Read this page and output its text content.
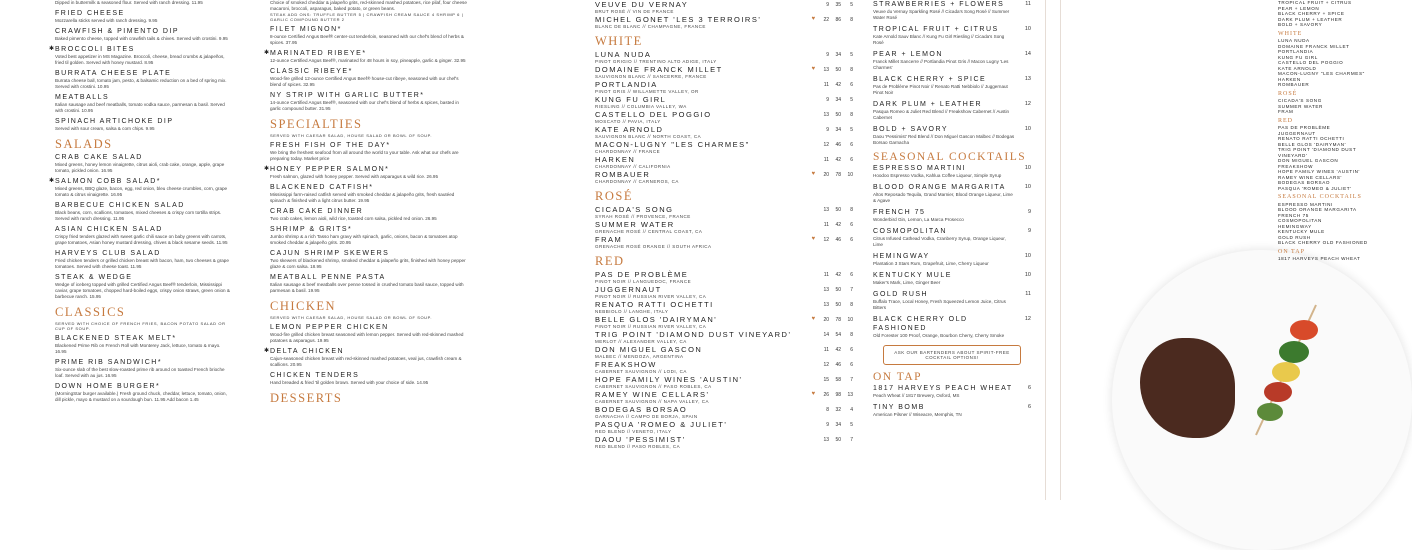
Dipped in buttermilk & seasoned flour. Served with ranch dressing. 11.95
FRIED CHEESE
Mozzarella sticks served with ranch dressing. 9.95
CRAWFISH & PIMENTO DIP
Baked pimento cheese, topped with crawfish tails & chives. Served with crostini. 9.95
✱ BROCCOLI BITES
Voted best appetizer in MS Magazine. Broccoli, cheese, bread crumbs & jalapeños, fried til golden. Served with honey mustard. 8.95
BURRATA CHEESE PLATE
Burrata cheese ball, tomato jam, pesto, & balsamic reduction on a bed of spring mix. Served with crostini. 10.95
MEATBALLS
Italian sausage and beef meatballs, tomato vodka sauce, parmesan & basil. Served with crostini. 10.95
SPINACH ARTICHOKE DIP
Served with sour cream, salsa & corn chips. 9.95
SALADS
CRAB CAKE SALAD
Mixed greens, honey lemon vinaigrette, citrus aioli, crab cake, orange, apple, grape tomato, pickled onion. 16.95
✱ SALMON COBB SALAD*
Mixed greens, BBQ glaze, bacon, egg, red onion, bleu cheese crumbles, corn, grape tomato & citrus vinaigrette. 16.95
BARBECUE CHICKEN SALAD
Black beans, corn, scallions, tomatoes, mixed cheeses & crispy corn tortilla strips. Served with ranch dressing. 11.95
ASIAN CHICKEN SALAD
Crispy fried tenders glazed with sweet garlic chili sauce on baby greens with carrots, grape tomatoes, Asian honey mustard dressing, chives & black sesame seeds. 11.95
HARVEYS CLUB SALAD
Fried chicken tenders or grilled chicken breast with bacon, ham, two cheeses & grape tomatoes. Served with cheese toast. 11.95
STEAK & WEDGE
Wedge of iceberg topped with grilled Certified Angus Beef® tenderloin, Mississippi caviar, grape tomatoes, chopped hard-boiled eggs, crispy onion straws, green onion & barbecue ranch. 15.95
CLASSICS
SERVED WITH CHOICE OF FRENCH FRIES, BACON POTATO SALAD OR CUP OF SOUP.
BLACKENED STEAK MELT*
Blackened Prime Rib on French Roll with Monterey Jack, lettuce, tomato & mayo. 16.95
PRIME RIB SANDWICH*
Six-ounce slab of the best slow-roasted prime rib around on toasted French brioche loaf. Served with au jus. 16.95
DOWN HOME BURGER*
(MorningStar burger available.) Fresh ground chuck, cheddar, lettuce, tomato, onion, dill pickle, mayo & mustard on a sourdough bun. 11.95 Add bacon 1.45
Choice of smoked cheddar & jalapeño grits, red-skinned mashed potatoes, rice pilaf, four cheese macaroni, broccoli, asparagus, baked potato, or green beans.
STEAK ADD ONS: TRUFFLE BUTTER 5 | CRAWFISH CREAM SAUCE 4 SHRIMP 6 | GARLIC COMPOUND BUTTER 2
FILET MIGNON*
8-ounce Certified Angus Beef® center-cut tenderloin, seasoned with our chef's blend of herbs & spices. 37.95
✱ MARINATED RIBEYE*
12-ounce Certified Angus Beef®, marinated for 48 hours in soy, pineapple, garlic & ginger. 32.95
CLASSIC RIBEYE*
Wood-fire grilled 12-ounce Certified Angus Beef® house-cut ribeye, seasoned with our chef's blend of spices. 32.95
NY STRIP WITH GARLIC BUTTER*
14-ounce Certified Angus Beef®, seasoned with our chef's blend of herbs & spices, basted in garlic compound butter. 31.95
SPECIALTIES
SERVED WITH CAESAR SALAD, HOUSE SALAD OR BOWL OF SOUP.
FRESH FISH OF THE DAY*
We bring the freshest seafood from all around the world to your table. Ask what our chefs are preparing today. Market price
✱ HONEY PEPPER SALMON*
Fresh salmon, glazed with honey pepper. Served with asparagus & wild rice. 26.95
BLACKENED CATFISH*
Mississippi farm-raised catfish served with smoked cheddar & jalapeño grits, fresh sautéed spinach & finished with a light citrus butter. 19.95
CRAB CAKE DINNER
Two crab cakes, lemon aioli, wild rice, toasted corn salsa, pickled red onion. 26.95
SHRIMP & GRITS*
Jumbo shrimp & a rich Tasso ham gravy with spinach, garlic, onions, bacon & tomatoes atop smoked cheddar & jalapeño grits. 20.95
CAJUN SHRIMP SKEWERS
Two skewers of blackened shrimp, smoked cheddar & jalapeño grits, finished with honey pepper glaze & corn salsa. 18.95
MEATBALL PENNE PASTA
Italian sausage & beef meatballs over penne tossed in crushed tomato basil sauce, topped with parmesan & basil. 19.95
CHICKEN
SERVED WITH CAESAR SALAD, HOUSE SALAD OR BOWL OF SOUP.
LEMON PEPPER CHICKEN
Wood-fire grilled chicken breast seasoned with lemon pepper. Served with red-skinned mashed potatoes & asparagus. 19.95
✱ DELTA CHICKEN
Cajun-seasoned chicken breast with red-skinned mashed potatoes, veal jus, crawfish cream & scallions. 20.95
CHICKEN TENDERS
Hand breaded & fried 'til golden brown. Served with your choice of side. 14.95
DESSERTS
VEUVE DU VERNAY
BRUT ROSÉ // VIN DE FRANCE
9 35 5
♥
MICHEL GONET 'LES 3 TERROIRS'
BLANC DE BLANC // CHAMPAGNE, FRANCE
22 86 8
WHITE
LUNA NUDA
PINOT GRIGIO // TRENTINO ALTO ADIGE, ITALY
9 34 5
♥
DOMAINE FRANCK MILLET
SAUVIGNON BLANC // SANCERRE, FRANCE
13 50 8
PORTLANDIA
PINOT GRIS // WILLAMETTE VALLEY, OR
11 42 6
KUNG FU GIRL
RIESLING // COLUMBIA VALLEY, WA
9 34 5
CASTELLO DEL POGGIO
MOSCATO // PAVIA, ITALY
13 50 8
KATE ARNOLD
SAUVIGNON BLANC // NORTH COAST, CA
9 34 5
MACON-LUGNY "LES CHARMES"
CHARDONNAY // FRANCE
12 46 6
HARKEN
CHARDONNAY // CALIFORNIA
11 42 6
♥
ROMBAUER
CHARDONNAY // CARNEROS, CA
20 78 10
ROSÉ
CICADA'S SONG
SYRAH ROSÉ // PROVENCE, FRANCE
13 50 8
SUMMER WATER
GRENACHE ROSÉ // CENTRAL COAST, CA
11 42 6
♥
FRAM
GRENACHE ROSÉ ORANGE // SOUTH AFRICA
12 46 6
RED
PAS DE PROBLÈME
PINOT NOIR // LANGUEDOC, FRANCE
11 42 6
JUGGERNAUT
PINOT NOIR // RUSSIAN RIVER VALLEY, CA
13 50 7
RENATO RATTI OCHETTI
NEBBIOLO // LANGHE, ITALY
13 50 8
♥
BELLE GLOS 'DAIRYMAN'
PINOT NOIR // RUSSIAN RIVER VALLEY, CA
20 78 10
TRIG POINT 'DIAMOND DUST VINEYARD'
MERLOT // ALEXANDER VALLEY, CA
14 54 8
DON MIGUEL GASCON
MALBEC // MENDOZA, ARGENTINA
11 42 6
FREAKSHOW
CABERNET SAUVIGNON // LODI, CA
12 46 6
HOPE FAMILY WINES 'AUSTIN'
CABERNET SAUVIGNON // PASO ROBLES, CA
15 58 7
♥
RAMEY WINE CELLARS'
CABERNET SAUVIGNON // NAPA VALLEY, CA
26 98 13
BODEGAS BORSAO
GARNACHA // CAMPO DE BORJA, SPAIN
8 32 4
PASQUA 'ROMEO & JULIET'
RED BLEND // VENETO, ITALY
9 34 5
DAOU 'PESSIMIST'
RED BLEND // PASO ROBLES, CA
13 50 7
STRAWBERRIES + FLOWERS
Veuve du Vernay Sparkling Rosé // Cicada's Song Rosé // Summer Water Rosé
11
TROPICAL FRUIT + CITRUS
Kate Arnold Sauv Blanc // Kung Fu Girl Riesling // Cicada's Song Rosé
10
PEAR + LEMON
Franck Millet Sancerre // Portlandia Pinot Gris // Macon Lugny 'Les Charmes'
14
BLACK CHERRY + SPICE
Pas de Problème Pinot Noir // Renato Ratti Nebbiolo // Juggernaut Pinot Noir
13
DARK PLUM + LEATHER
Pasqua Romeo & Juliet Red Blend // Freakshow Cabernet // Austin Cabernet
12
BOLD + SAVORY
Daou 'Pessimist' Red Blend // Don Miguel Gascon Malbec // Bodegas Borsao Garnacha
10
SEASONAL COCKTAILS
ESPRESSO MARTINI
Hoodoo Espresso Vodka, Kahlua Coffee Liqueur, Simple Syrup
10
BLOOD ORANGE MARGARITA
Altos Reposado Tequila, Grand Marnier, Blood Orange Liqueur, Lime & Agave
10
FRENCH 75
Wonderbird Gin, Lemon, La Marca Prosecco
9
COSMOPOLITAN
Citrus Infused Cathead Vodka, Cranberry Syrup, Orange Liqueur, Lime
9
HEMINGWAY
Plantation 3 Stars Rum, Grapefruit, Lime, Cherry Liqueur
10
KENTUCKY MULE
Maker's Mark, Lime, Ginger Beer
10
GOLD RUSH
Buffalo Trace, Local Honey, Fresh Squeezed Lemon Juice, Citrus Bitters
11
BLACK CHERRY OLD FASHIONED
Old Forester 100 Proof, Orange, Bourbon Cherry, Cherry Smoke
12
ASK OUR BARTENDERS ABOUT SPIRIT-FREE COCKTAIL OPTIONS!
ON TAP
1817 HARVEYS PEACH WHEAT
Peach Wheat // 1817 Brewery, Oxford, MS
6
TINY BOMB
American Pilsner // Wiseacre, Memphis, TN
6
TROPICAL FRUIT + CITRUS
PEAR + LEMON
BLACK CHERRY + SPICE
DARK PLUM + LEATHER
BOLD + SAVORY
WHITE
LUNA NUDA
DOMAINE FRANCK MILLET
PORTLANDIA
KUNG FU GIRL
CASTELLO DEL POGGIO
KATE ARNOLD
MACON-LUGNY "LES CHARMES"
HARKEN
ROMBAUER
ROSÉ
CICADA'S SONG
SUMMER WATER
FRAM
RED
PAS DE PROBLÈME
JUGGERNAUT
RENATO RATTI OCHETTI
BELLE GLOS 'DAIRYMAN'
TRIG POINT 'DIAMOND DUST VINEYARD'
DON MIGUEL GASCON
FREAKSHOW
HOPE FAMILY WINES 'AUSTIN'
RAMEY WINE CELLARS'
BODEGAS BORSAO
PASQUA 'ROMEO & JULIET'
SEASONAL COCKTAILS
ESPRESSO MARTINI
BLOOD ORANGE MARGARITA
FRENCH 75
COSMOPOLITAN
HEMINGWAY
KENTUCKY MULE
GOLD RUSH
BLACK CHERRY OLD FASHIONED
ON TAP
1817 HARVEYS PEACH WHEAT
